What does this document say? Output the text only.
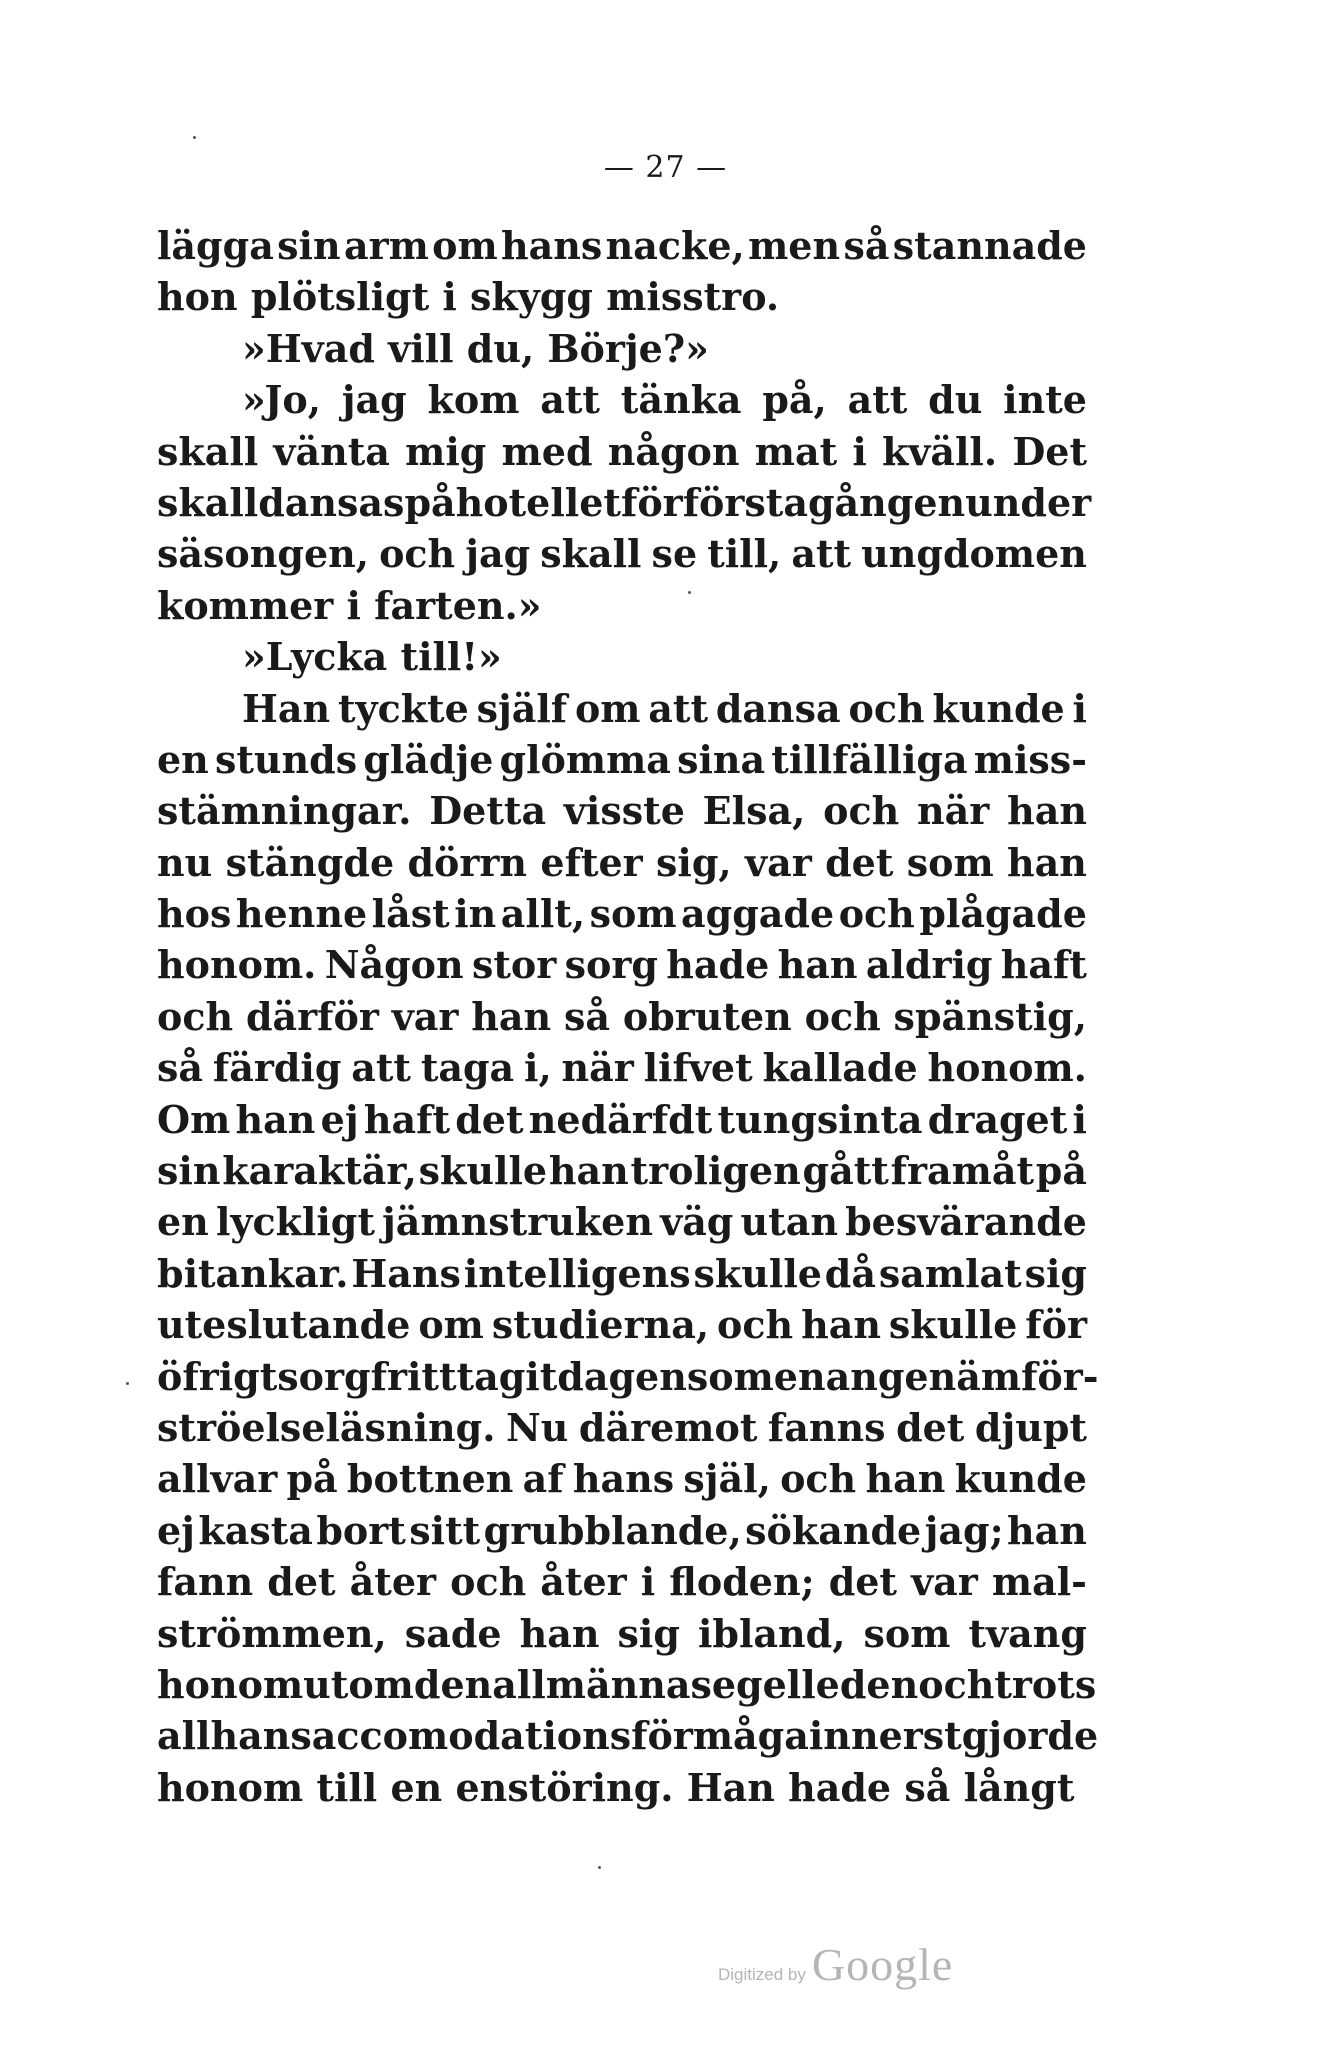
— 27 —
lägga sin arm om hans nacke, men så stannade
hon plötsligt i skygg misstro.
»Hvad vill du, Börje?»
»Jo, jag kom att tänka på, att du inte
skall vänta mig med någon mat i kväll. Det
skall dansas på hotellet för första gången under
säsongen, och jag skall se till, att ungdomen
kommer i farten.»
»Lycka till!»
Han tyckte själf om att dansa och kunde i
en stunds glädje glömma sina tillfälliga miss-
stämningar. Detta visste Elsa, och när han
nu stängde dörrn efter sig, var det som han
hos henne låst in allt, som aggade och plågade
honom. Någon stor sorg hade han aldrig haft
och därför var han så obruten och spänstig,
så färdig att taga i, när lifvet kallade honom.
Om han ej haft det nedärfdt tungsinta draget i
sin karaktär, skulle han troligen gått framåt på
en lyckligt jämnstruken väg utan besvärande
bitankar. Hans intelligens skulle då samlat sig
uteslutande om studierna, och han skulle för
öfrigt sorgfritt tagit dagen som en angenäm för-
ströelseläsning. Nu däremot fanns det djupt
allvar på bottnen af hans själ, och han kunde
ej kasta bort sitt grubblande, sökande jag; han
fann det åter och åter i floden; det var mal-
strömmen, sade han sig ibland, som tvang
honom utom den allmänna segelleden och trots
all hans accomodationsförmåga innerst gjorde
honom till en enstöring. Han hade så långt
Digitized by Google
